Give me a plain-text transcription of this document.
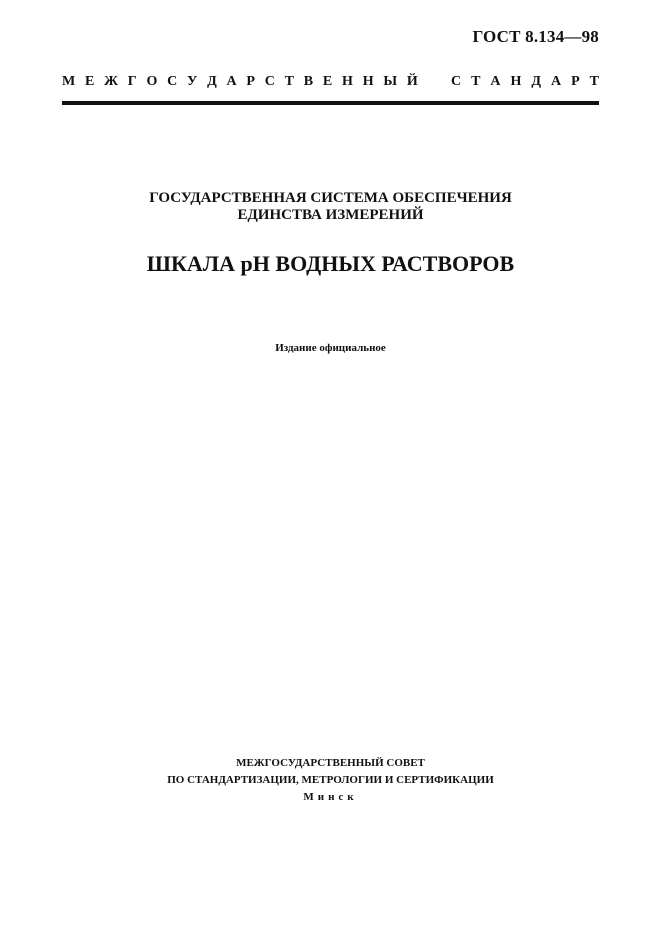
ГОСТ 8.134—98
М Е Ж Г О С У Д А Р С Т В Е Н Н Ы Й С Т А Н Д А Р Т
ГОСУДАРСТВЕННАЯ СИСТЕМА ОБЕСПЕЧЕНИЯ
ЕДИНСТВА ИЗМЕРЕНИЙ
ШКАЛА pH ВОДНЫХ РАСТВОРОВ
Издание официальное
МЕЖГОСУДАРСТВЕННЫЙ СОВЕТ
ПО СТАНДАРТИЗАЦИИ, МЕТРОЛОГИИ И СЕРТИФИКАЦИИ
Минск
